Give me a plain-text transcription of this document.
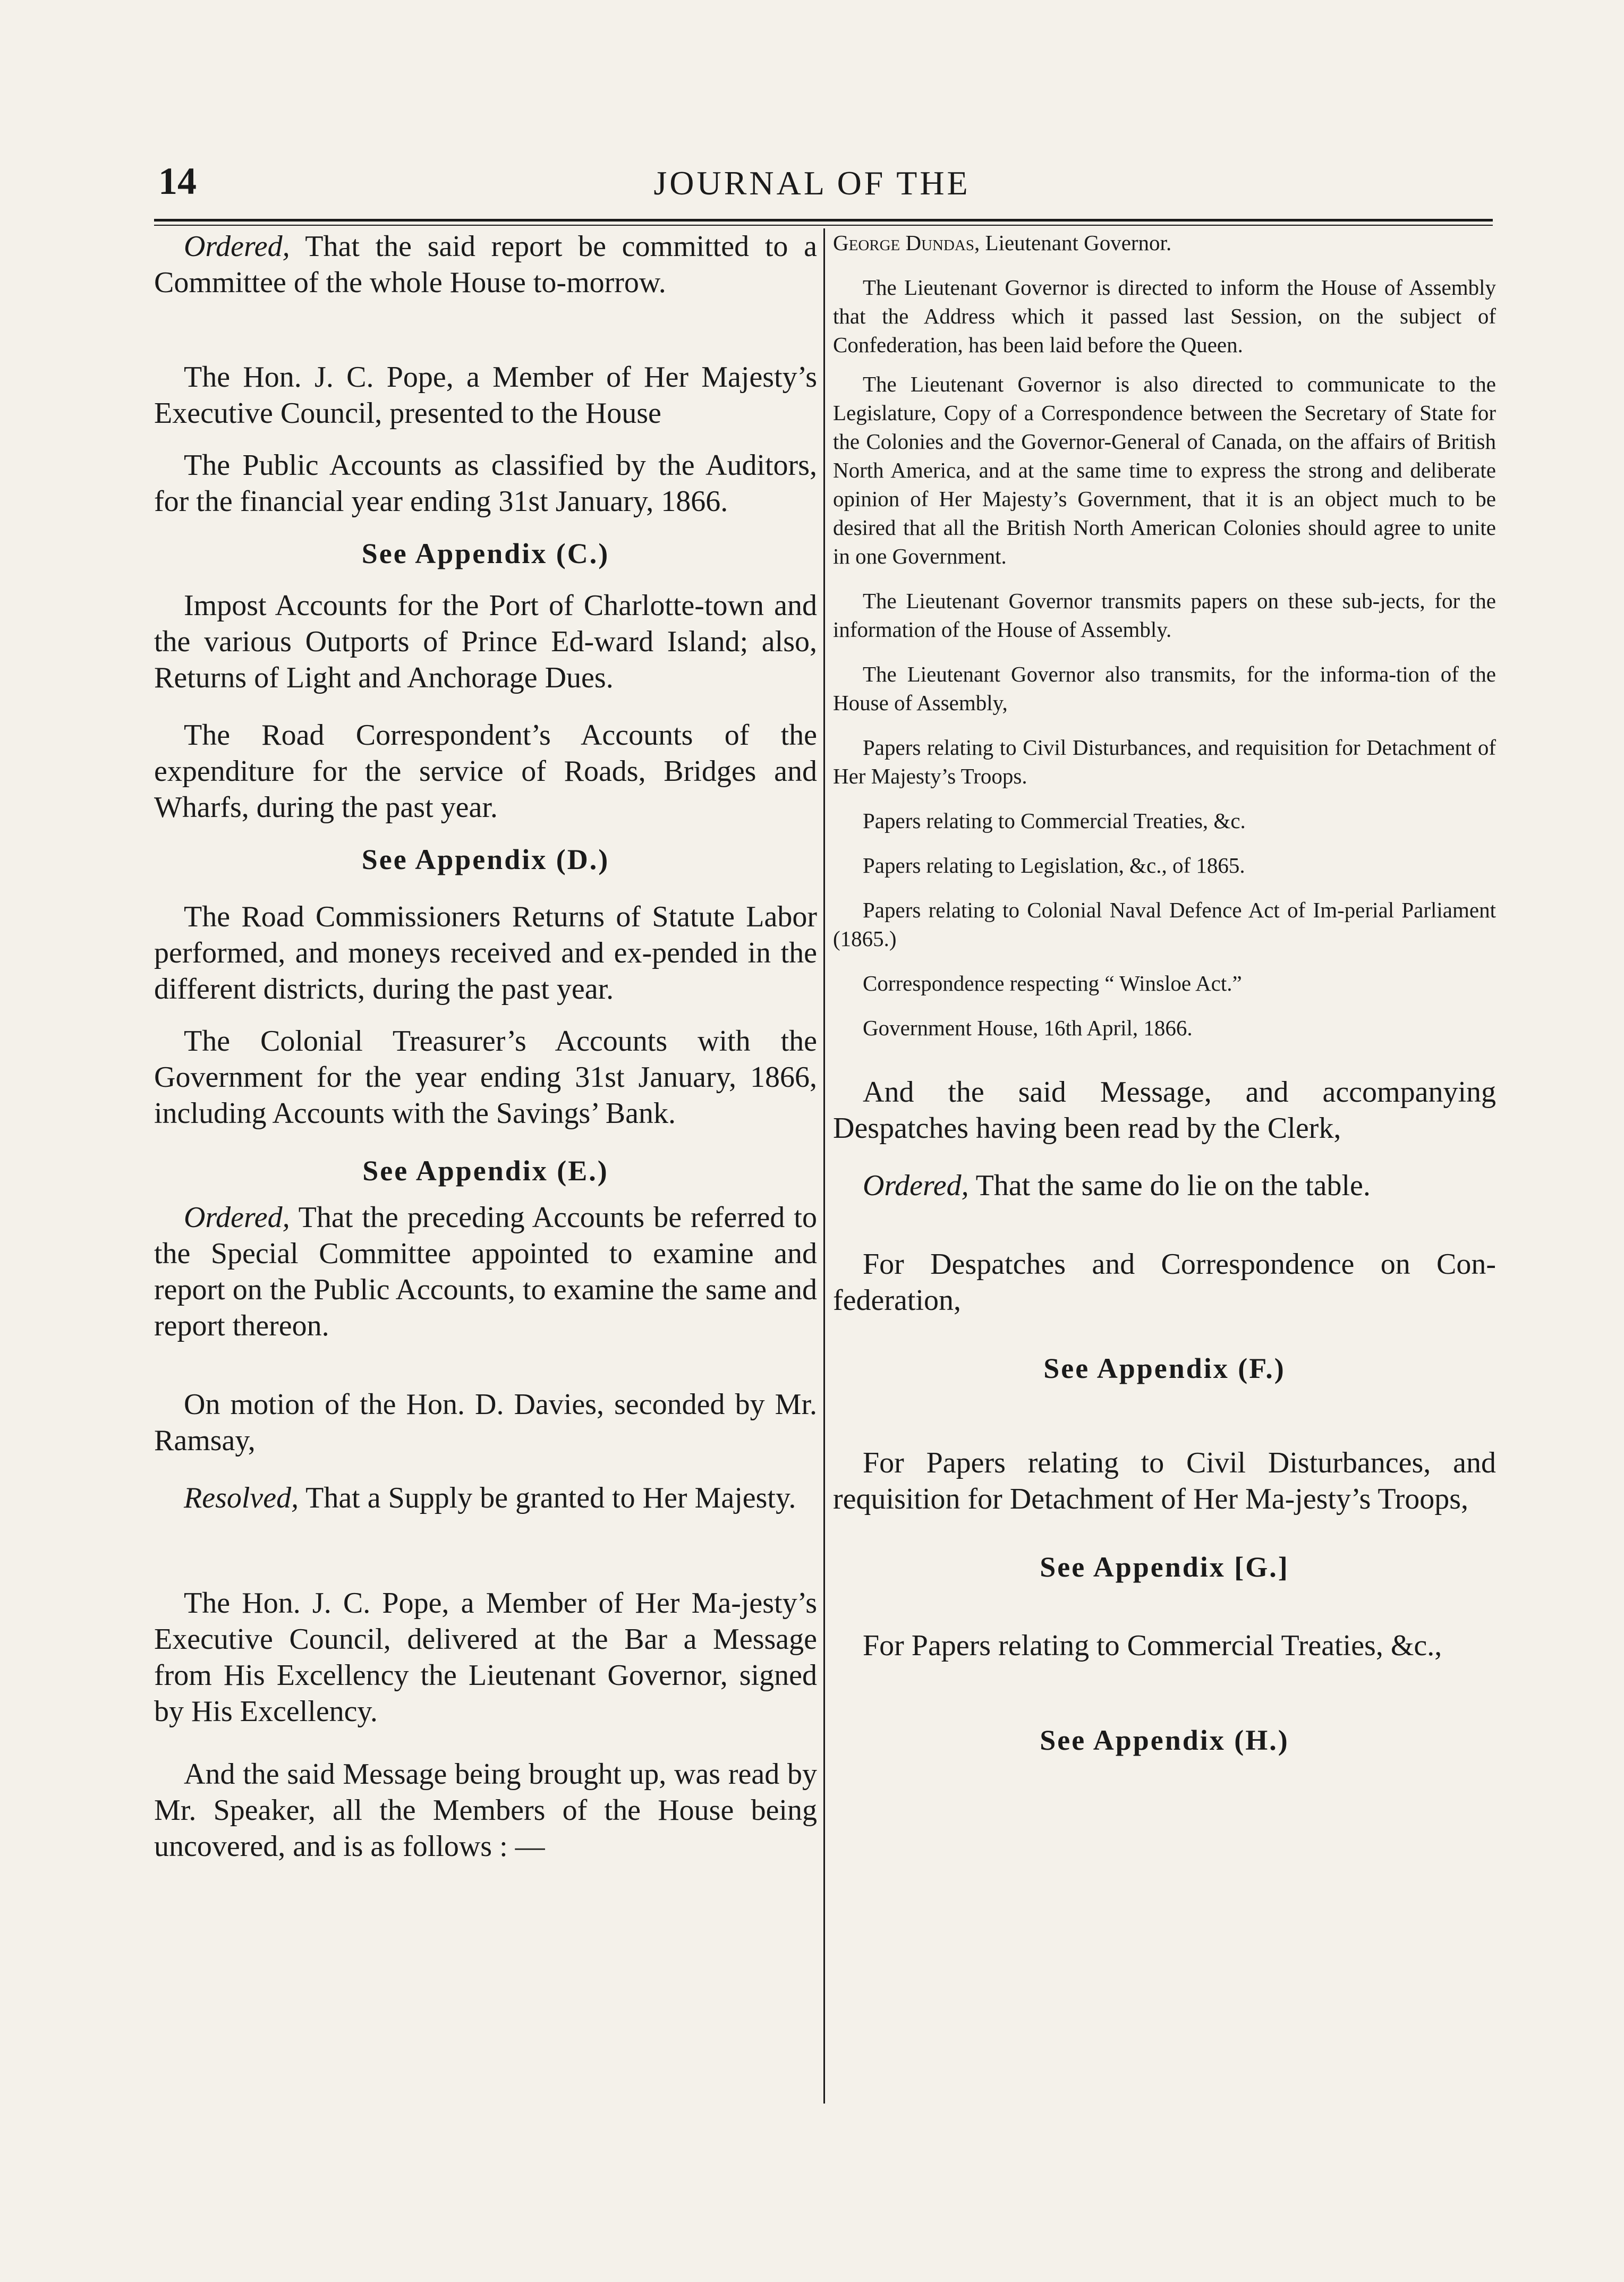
14	JOURNAL OF THE

Ordered, That the said report be committed to a Committee of the whole House to-morrow.

The Hon. J. C. Pope, a Member of Her Majesty’s Executive Council, presented to the House

The Public Accounts as classified by the Auditors, for the financial year ending 31st January, 1866.

See Appendix (C.)

Impost Accounts for the Port of Charlotte-town and the various Outports of Prince Ed-ward Island; also, Returns of Light and Anchorage Dues.

The Road Correspondent’s Accounts of the expenditure for the service of Roads, Bridges and Wharfs, during the past year.

See Appendix (D.)

The Road Commissioners Returns of Statute Labor performed, and moneys received and ex-pended in the different districts, during the past year.

The Colonial Treasurer’s Accounts with the Government for the year ending 31st January, 1866, including Accounts with the Savings’ Bank.

See Appendix (E.)

Ordered, That the preceding Accounts be referred to the Special Committee appointed to examine and report on the Public Accounts, to examine the same and report thereon.

On motion of the Hon. D. Davies, seconded by Mr. Ramsay,

Resolved, That a Supply be granted to Her Majesty.

The Hon. J. C. Pope, a Member of Her Ma-jesty’s Executive Council, delivered at the Bar a Message from His Excellency the Lieutenant Governor, signed by His Excellency.

And the said Message being brought up, was read by Mr. Speaker, all the Members of the House being uncovered, and is as follows : —

George Dundas, Lieutenant Governor.

The Lieutenant Governor is directed to inform the House of Assembly that the Address which it passed last Session, on the subject of Confederation, has been laid before the Queen.

The Lieutenant Governor is also directed to communicate to the Legislature, Copy of a Correspondence between the Secretary of State for the Colonies and the Governor-General of Canada, on the affairs of British North America, and at the same time to express the strong and deliberate opinion of Her Majesty’s Government, that it is an object much to be desired that all the British North American Colonies should agree to unite in one Government.

The Lieutenant Governor transmits papers on these sub-jects, for the information of the House of Assembly.

The Lieutenant Governor also transmits, for the informa-tion of the House of Assembly,

Papers relating to Civil Disturbances, and requisition for Detachment of Her Majesty’s Troops.

Papers relating to Commercial Treaties, &c.

Papers relating to Legislation, &c., of 1865.

Papers relating to Colonial Naval Defence Act of Im-perial Parliament (1865.)

Correspondence respecting “ Winsloe Act.”

Government House, 16th April, 1866.

And the said Message, and accompanying Despatches having been read by the Clerk,

Ordered, That the same do lie on the table.

For Despatches and Correspondence on Con-federation,

See Appendix (F.)

For Papers relating to Civil Disturbances, and requisition for Detachment of Her Ma-jesty’s Troops,

See Appendix [G.]

For Papers relating to Commercial Treaties, &c.,

See Appendix (H.)
